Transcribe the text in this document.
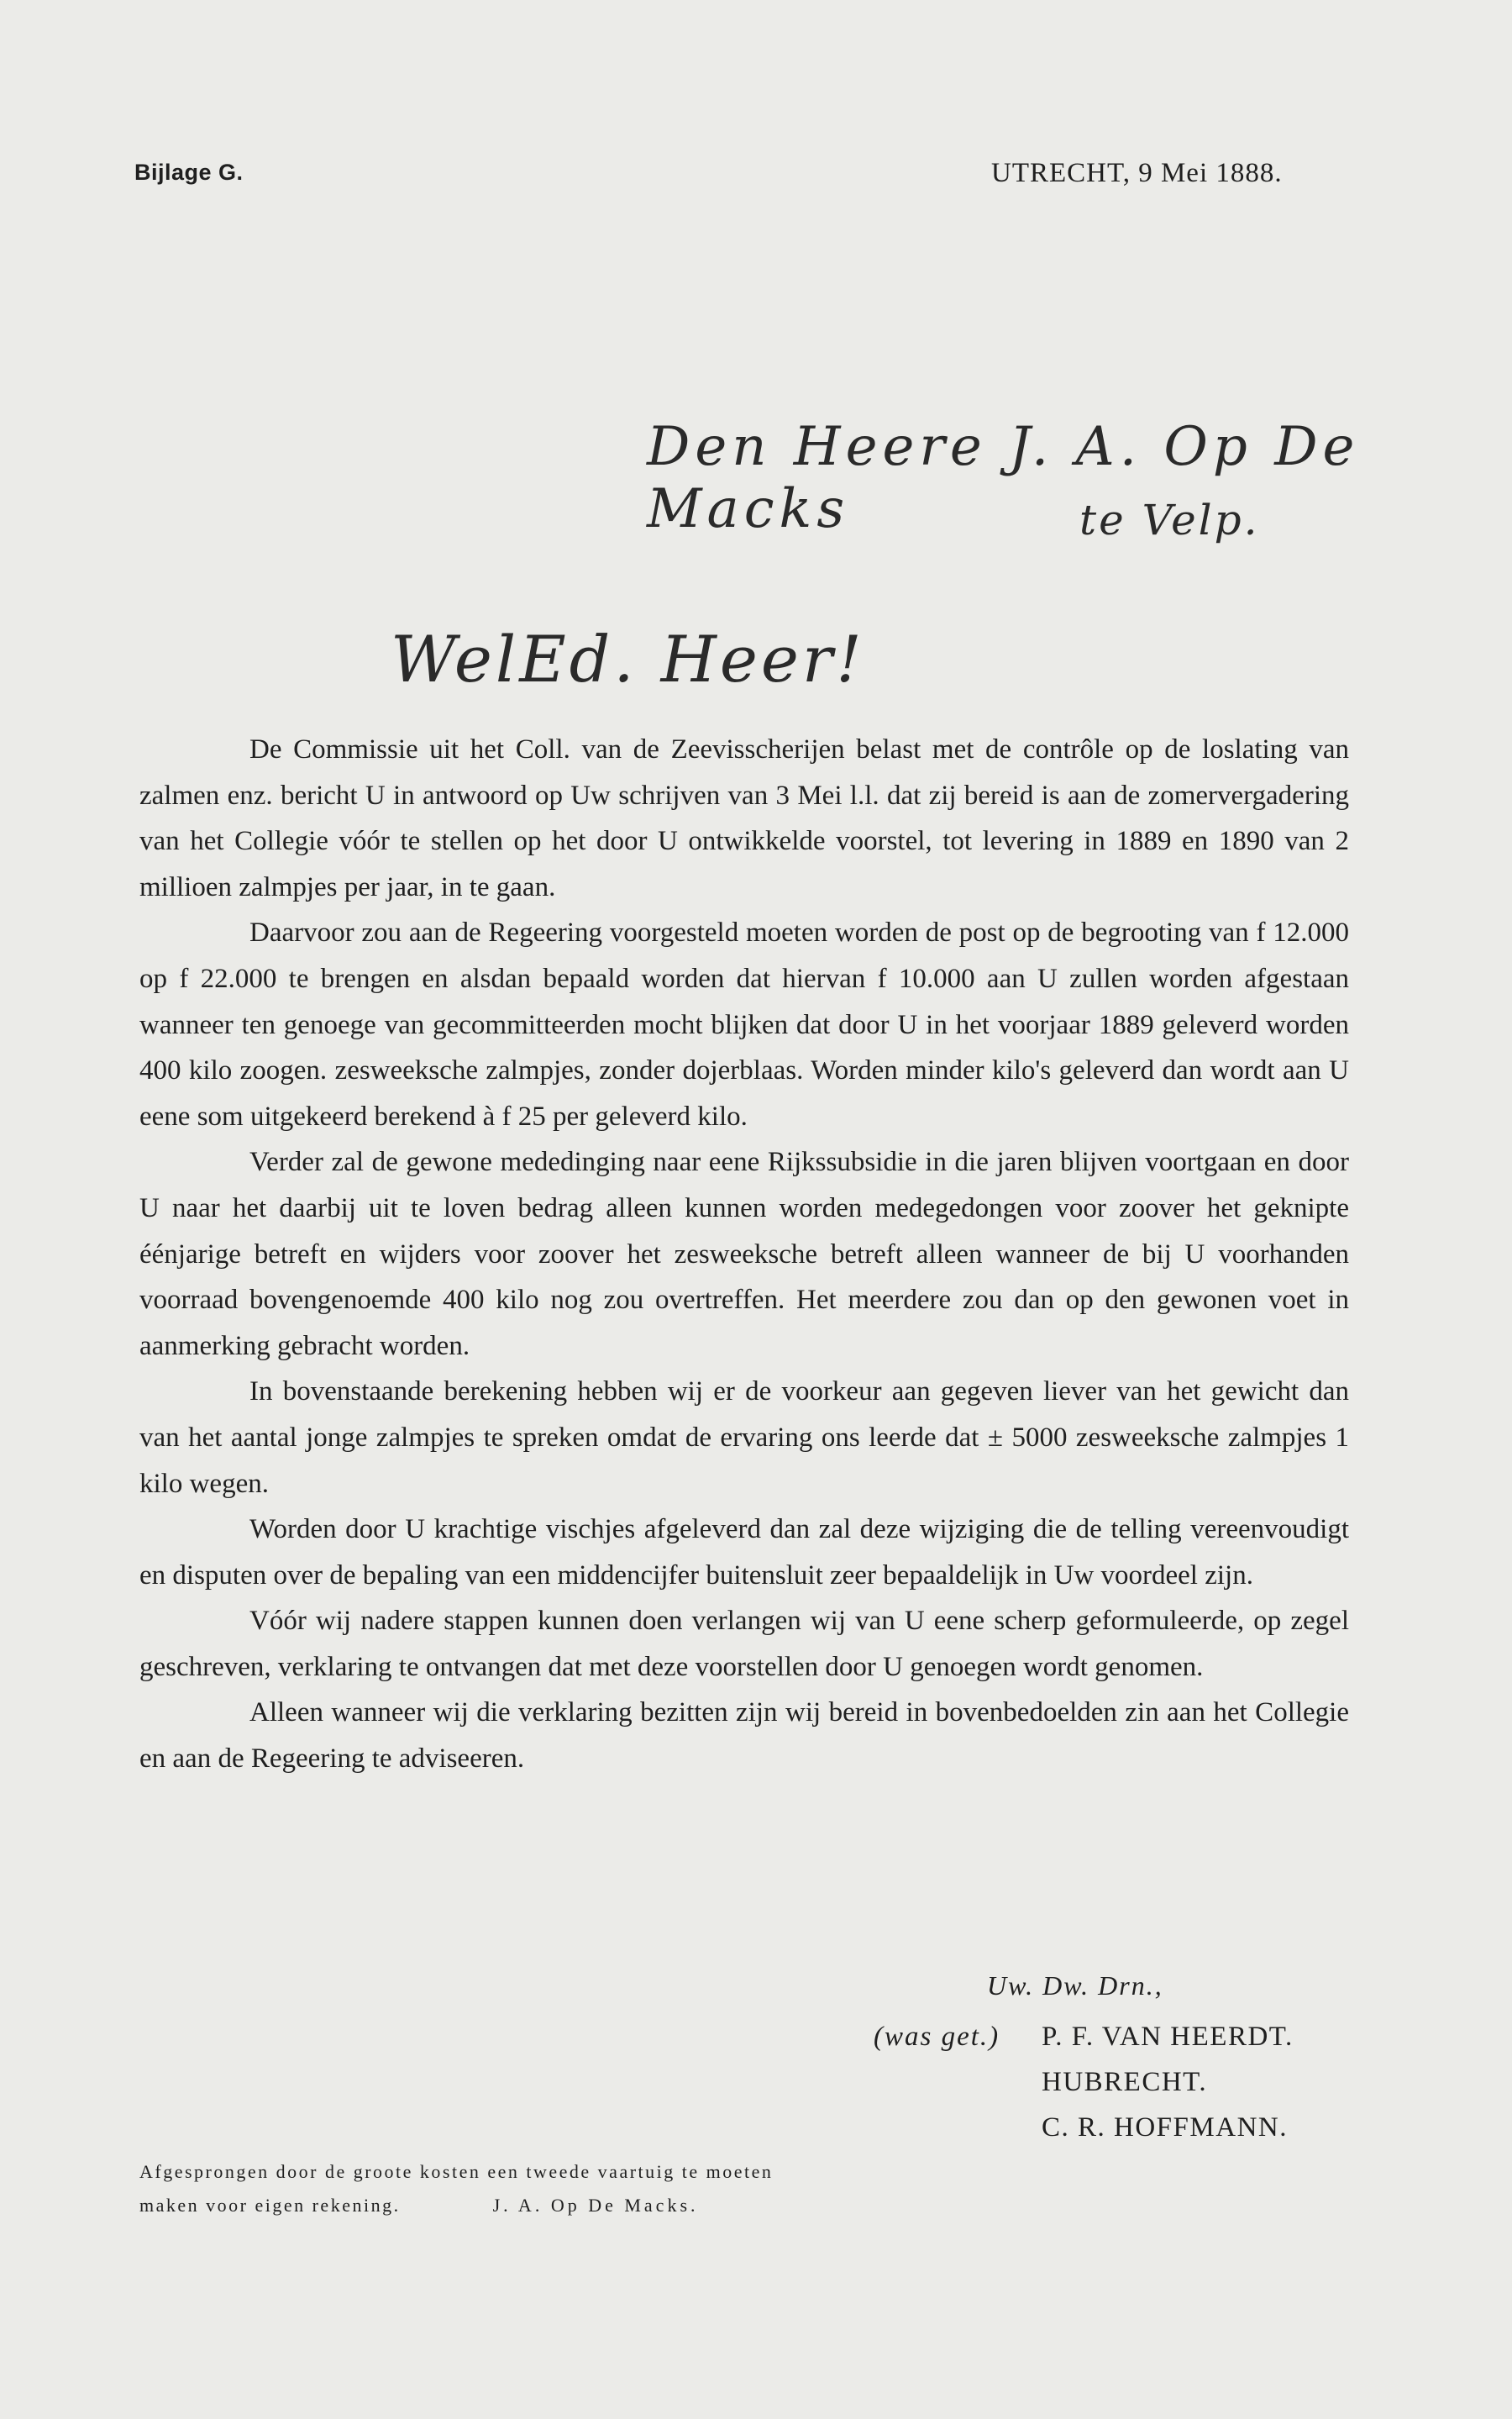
Bijlage G.	UTRECHT, 9 Mei 1888.
Den Heere J. A. Op De Macks	te Velp.
WelEd. Heer!

De Commissie uit het Coll. van de Zeevisscherijen belast met de contrôle op de loslating van zalmen enz. bericht U in antwoord op Uw schrijven van 3 Mei l.l. dat zij bereid is aan de zomervergadering van het Collegie vóór te stellen op het door U ontwikkelde voorstel, tot levering in 1889 en 1890 van 2 millioen zalmpjes per jaar, in te gaan.

Daarvoor zou aan de Regeering voorgesteld moeten worden de post op de begrooting van f 12.000 op f 22.000 te brengen en alsdan bepaald worden dat hiervan f 10.000 aan U zullen worden afgestaan wanneer ten genoege van gecommitteerden mocht blijken dat door U in het voorjaar 1889 geleverd worden 400 kilo zoogen. zesweeksche zalmpjes, zonder dojerblaas. Worden minder kilo's geleverd dan wordt aan U eene som uitgekeerd berekend à f 25 per geleverd kilo.

Verder zal de gewone mededinging naar eene Rijkssubsidie in die jaren blijven voortgaan en door U naar het daarbij uit te loven bedrag alleen kunnen worden medegedongen voor zoover het geknipte éénjarige betreft en wijders voor zoover het zesweeksche betreft alleen wanneer de bij U voorhanden voorraad bovengenoemde 400 kilo nog zou overtreffen. Het meerdere zou dan op den gewonen voet in aanmerking gebracht worden.

In bovenstaande berekening hebben wij er de voorkeur aan gegeven liever van het gewicht dan van het aantal jonge zalmpjes te spreken omdat de ervaring ons leerde dat ± 5000 zesweeksche zalmpjes 1 kilo wegen.

Worden door U krachtige vischjes afgeleverd dan zal deze wijziging die de telling vereenvoudigt en disputen over de bepaling van een middencijfer buitensluit zeer bepaaldelijk in Uw voordeel zijn.

Vóór wij nadere stappen kunnen doen verlangen wij van U eene scherp geformuleerde, op zegel geschreven, verklaring te ontvangen dat met deze voorstellen door U genoegen wordt genomen.

Alleen wanneer wij die verklaring bezitten zijn wij bereid in bovenbedoelden zin aan het Collegie en aan de Regeering te adviseeren.

Uw. Dw. Drn.,
(was get.)	P. F. VAN HEERDT.
HUBRECHT.
C. R. HOFFMANN.
Afgesprongen door de groote kosten een tweede vaartuig te moeten
maken voor eigen rekening.	J. A. Op De Macks.
